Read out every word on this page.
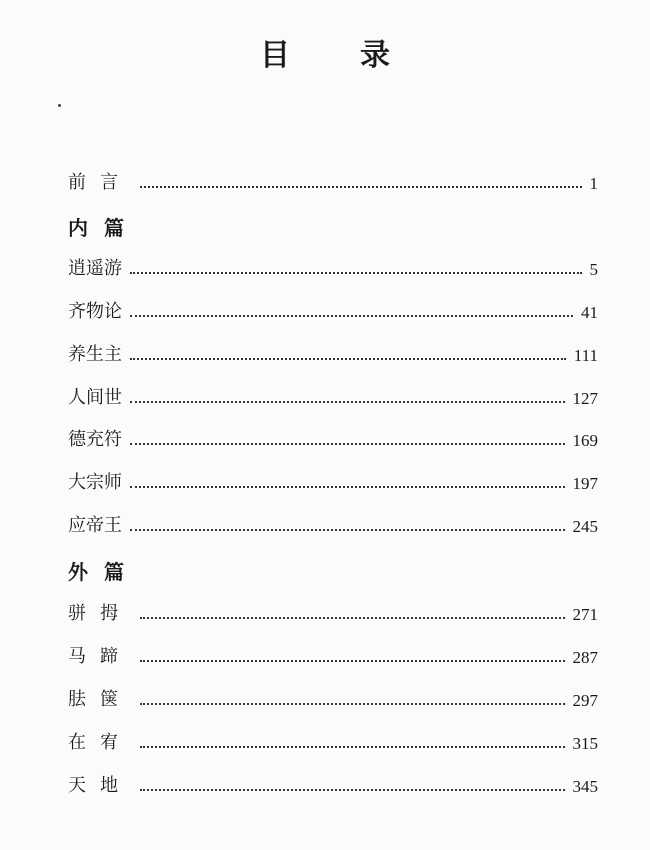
目 录
前言	1
内篇
逍遥游	5
齐物论	41
养生主	111
人间世	127
德充符	169
大宗师	197
应帝王	245
外篇
骈拇	271
马蹄	287
胠箧	297
在宥	315
天地	345
